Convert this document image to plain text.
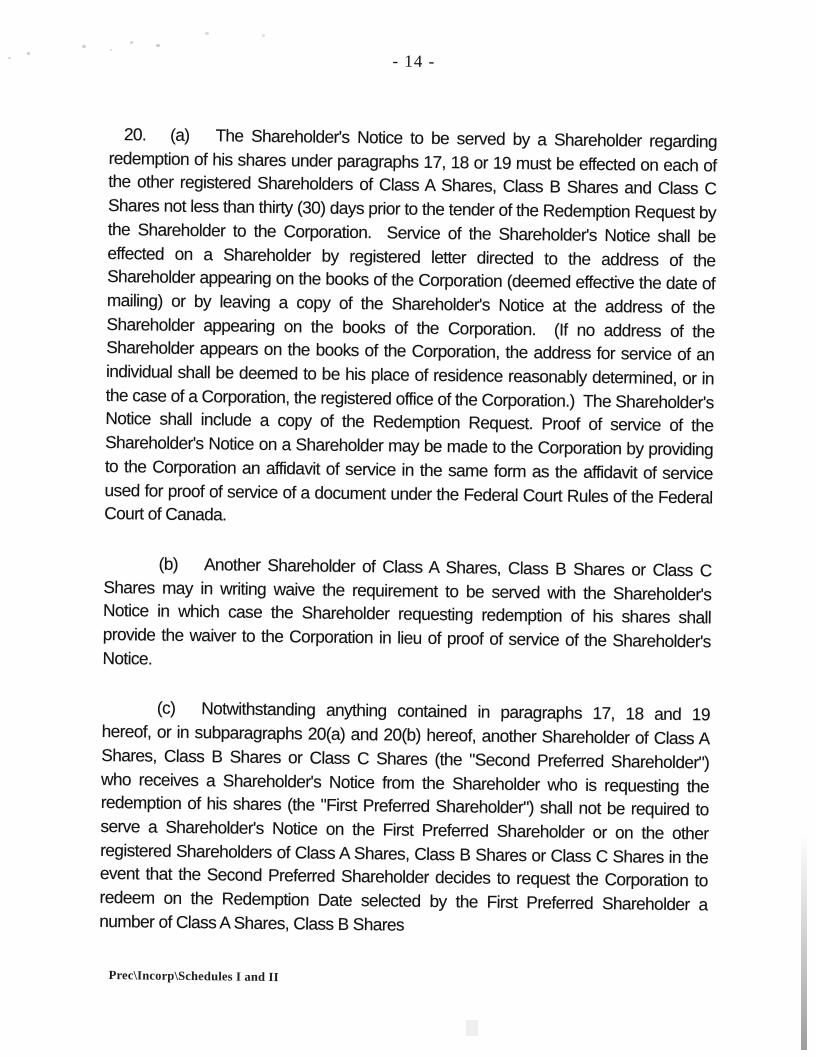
- 14 -

20. (a) The Shareholder's Notice to be served by a Shareholder regarding redemption of his shares under paragraphs 17, 18 or 19 must be effected on each of the other registered Shareholders of Class A Shares, Class B Shares and Class C Shares not less than thirty (30) days prior to the tender of the Redemption Request by the Shareholder to the Corporation.  Service of the Shareholder's Notice shall be effected on a Shareholder by registered letter directed to the address of the Shareholder appearing on the books of the Corporation (deemed effective the date of mailing) or by leaving a copy of the Shareholder's Notice at the address of the Shareholder appearing on the books of the Corporation.  (If no address of the Shareholder appears on the books of the Corporation, the address for service of an individual shall be deemed to be his place of residence reasonably determined, or in the case of a Corporation, the registered office of the Corporation.)  The Shareholder's Notice shall include a copy of the Redemption Request. Proof of service of the Shareholder's Notice on a Shareholder may be made to the Corporation by providing to the Corporation an affidavit of service in the same form as the affidavit of service used for proof of service of a document under the Federal Court Rules of the Federal Court of Canada.

(b) Another Shareholder of Class A Shares, Class B Shares or Class C Shares may in writing waive the requirement to be served with the Shareholder's Notice in which case the Shareholder requesting redemption of his shares shall provide the waiver to the Corporation in lieu of proof of service of the Shareholder's Notice.

(c) Notwithstanding anything contained in paragraphs 17, 18 and 19 hereof, or in subparagraphs 20(a) and 20(b) hereof, another Shareholder of Class A Shares, Class B Shares or Class C Shares (the "Second Preferred Shareholder") who receives a Shareholder's Notice from the Shareholder who is requesting the redemption of his shares (the "First Preferred Shareholder") shall not be required to serve a Shareholder's Notice on the First Preferred Shareholder or on the other registered Shareholders of Class A Shares, Class B Shares or Class C Shares in the event that the Second Preferred Shareholder decides to request the Corporation to redeem on the Redemption Date selected by the First Preferred Shareholder a number of Class A Shares, Class B Shares

Prec\Incorp\Schedules I and II
